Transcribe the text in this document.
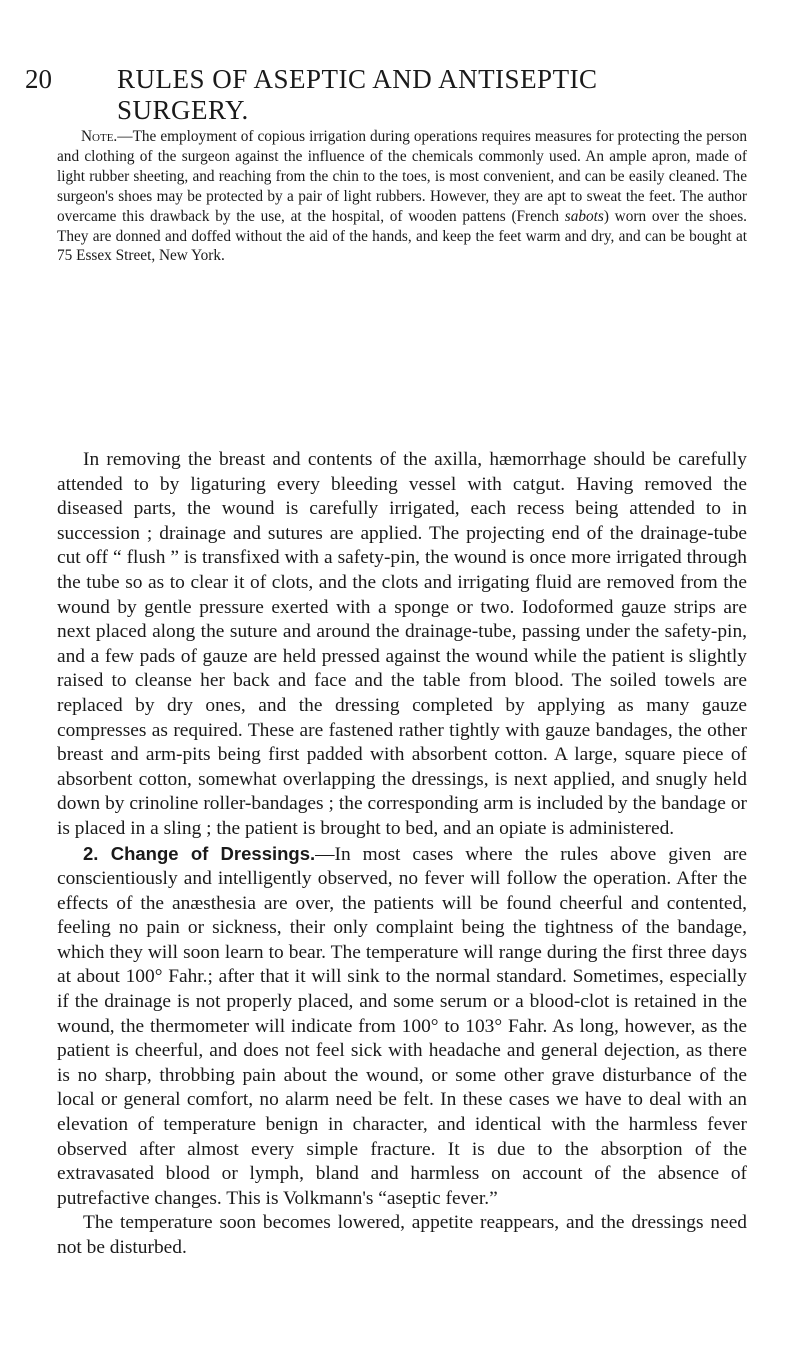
20 RULES OF ASEPTIC AND ANTISEPTIC SURGERY.

Note.—The employment of copious irrigation during operations requires measures for protecting the person and clothing of the surgeon against the influence of the chemicals commonly used. An ample apron, made of light rubber sheeting, and reaching from the chin to the toes, is most convenient, and can be easily cleaned. The surgeon's shoes may be protected by a pair of light rubbers. However, they are apt to sweat the feet. The author overcame this drawback by the use, at the hospital, of wooden pattens (French sabots) worn over the shoes. They are donned and doffed without the aid of the hands, and keep the feet warm and dry, and can be bought at 75 Essex Street, New York.

In removing the breast and contents of the axilla, hæmorrhage should be carefully attended to by ligaturing every bleeding vessel with catgut. Having removed the diseased parts, the wound is carefully irrigated, each recess being attended to in succession ; drainage and sutures are applied. The projecting end of the drainage-tube cut off “ flush ” is transfixed with a safety-pin, the wound is once more irrigated through the tube so as to clear it of clots, and the clots and irrigating fluid are removed from the wound by gentle pressure exerted with a sponge or two. Iodoformed gauze strips are next placed along the suture and around the drainage-tube, passing under the safety-pin, and a few pads of gauze are held pressed against the wound while the patient is slightly raised to cleanse her back and face and the table from blood. The soiled towels are replaced by dry ones, and the dressing completed by applying as many gauze compresses as required. These are fastened rather tightly with gauze bandages, the other breast and arm-pits being first padded with absorbent cotton. A large, square piece of absorbent cotton, somewhat overlapping the dressings, is next applied, and snugly held down by crinoline roller-bandages ; the corresponding arm is included by the bandage or is placed in a sling ; the patient is brought to bed, and an opiate is administered.

2. Change of Dressings.—In most cases where the rules above given are conscientiously and intelligently observed, no fever will follow the operation. After the effects of the anæsthesia are over, the patients will be found cheerful and contented, feeling no pain or sickness, their only complaint being the tightness of the bandage, which they will soon learn to bear. The temperature will range during the first three days at about 100° Fahr.; after that it will sink to the normal standard. Sometimes, especially if the drainage is not properly placed, and some serum or a blood-clot is retained in the wound, the thermometer will indicate from 100° to 103° Fahr. As long, however, as the patient is cheerful, and does not feel sick with headache and general dejection, as there is no sharp, throbbing pain about the wound, or some other grave disturbance of the local or general comfort, no alarm need be felt. In these cases we have to deal with an elevation of temperature benign in character, and identical with the harmless fever observed after almost every simple fracture. It is due to the absorption of the extravasated blood or lymph, bland and harmless on account of the absence of putrefactive changes. This is Volkmann's “aseptic fever.”

The temperature soon becomes lowered, appetite reappears, and the dressings need not be disturbed.
